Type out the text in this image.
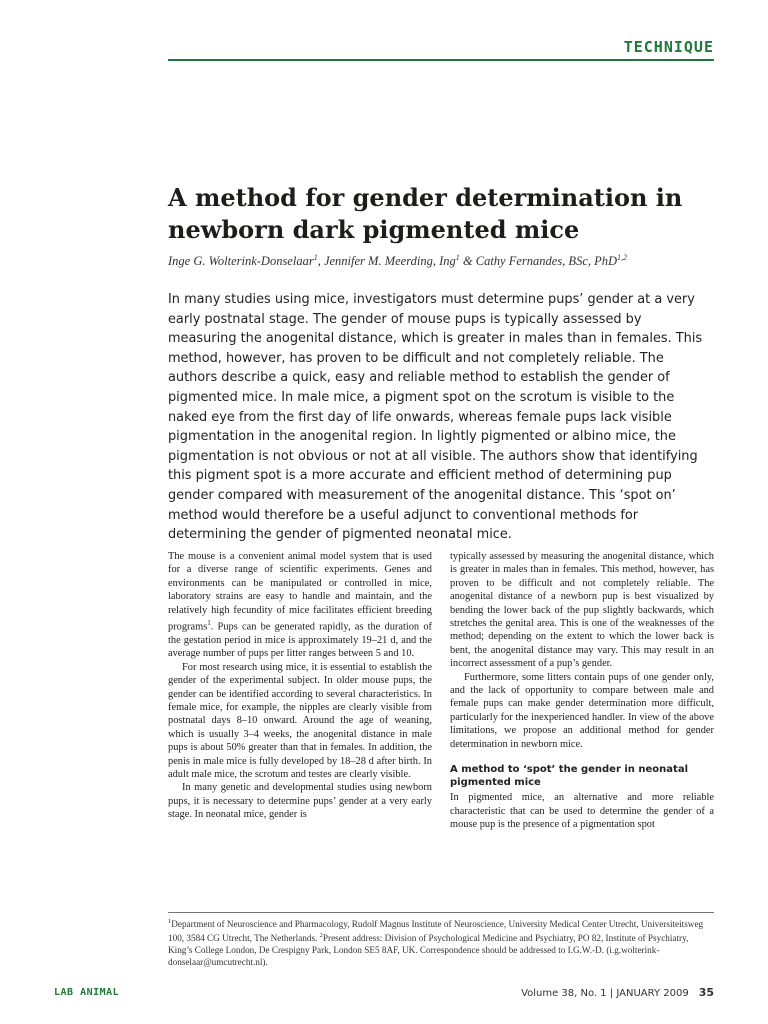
TECHNIQUE
A method for gender determination in newborn dark pigmented mice

Inge G. Wolterink-Donselaar$^1$, Jennifer M. Meerding, Ing$^1$ & Cathy Fernandes, BSc, PhD$^{1,2}$

In many studies using mice, investigators must determine pups’ gender at a very early postnatal stage. The gender of mouse pups is typically assessed by measuring the anogenital distance, which is greater in males than in females. This method, however, has proven to be difficult and not completely reliable. The authors describe a quick, easy and reliable method to establish the gender of pigmented mice. In male mice, a pigment spot on the scrotum is visible to the naked eye from the first day of life onwards, whereas female pups lack visible pigmentation in the anogenital region. In lightly pigmented or albino mice, the pigmentation is not obvious or not at all visible. The authors show that identifying this pigment spot is a more accurate and efficient method of determining pup gender compared with measurement of the anogenital distance. This ‘spot on’ method would therefore be a useful adjunct to conventional methods for determining the gender of pigmented neonatal mice.

The mouse is a convenient animal model system that is used for a diverse range of scientific experiments. Genes and environments can be manipulated or controlled in mice, laboratory strains are easy to handle and maintain, and the relatively high fecundity of mice facilitates efficient breeding programs$^1$. Pups can be generated rapidly, as the duration of the gestation period in mice is approximately 19–21 d, and the average number of pups per litter ranges between 5 and 10.

For most research using mice, it is essential to establish the gender of the experimental subject. In older mouse pups, the gender can be identified according to several characteristics. In female mice, for example, the nipples are clearly visible from postnatal days 8–10 onward. Around the age of weaning, which is usually 3–4 weeks, the anogenital distance in male pups is about 50% greater than that in females. In addition, the penis in male mice is fully developed by 18–28 d after birth. In adult male mice, the scrotum and testes are clearly visible.

In many genetic and developmental studies using newborn pups, it is necessary to determine pups’ gender at a very early stage. In neonatal mice, gender is

typically assessed by measuring the anogenital distance, which is greater in males than in females. This method, however, has proven to be difficult and not completely reliable. The anogenital distance of a newborn pup is best visualized by bending the lower back of the pup slightly backwards, which stretches the genital area. This is one of the weaknesses of the method; depending on the extent to which the lower back is bent, the anogenital distance may vary. This may result in an incorrect assessment of a pup’s gender.

Furthermore, some litters contain pups of one gender only, and the lack of opportunity to compare between male and female pups can make gender determination more difficult, particularly for the inexperienced handler. In view of the above limitations, we propose an additional method for gender determination in newborn mice.

A method to ‘spot’ the gender in neonatal pigmented mice

In pigmented mice, an alternative and more reliable characteristic that can be used to determine the gender of a mouse pup is the presence of a pigmentation spot

$^1$Department of Neuroscience and Pharmacology, Rudolf Magnus Institute of Neuroscience, University Medical Center Utrecht, Universiteitsweg 100, 3584 CG Utrecht, The Netherlands. $^2$Present address: Division of Psychological Medicine and Psychiatry, PO 82, Institute of Psychiatry, King’s College London, De Crespigny Park, London SE5 8AF, UK. Correspondence should be addressed to I.G.W.-D. (i.g.wolterink-donselaar@umcutrecht.nl).

LAB ANIMAL	Volume 38, No. 1 | JANUARY 2009 35
